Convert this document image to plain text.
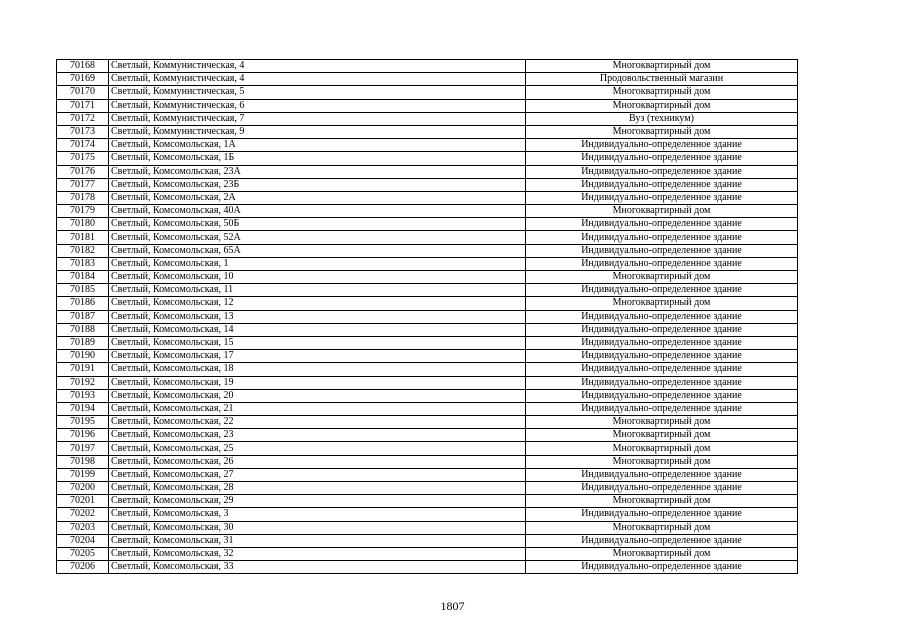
70168	Светлый, Коммунистическая, 4	Многоквартирный дом
70169	Светлый, Коммунистическая, 4	Продовольственный магазин
70170	Светлый, Коммунистическая, 5	Многоквартирный дом
70171	Светлый, Коммунистическая, 6	Многоквартирный дом
70172	Светлый, Коммунистическая, 7	Вуз (техникум)
70173	Светлый, Коммунистическая, 9	Многоквартирный дом
70174	Светлый, Комсомольская, 1А	Индивидуально-определенное здание
70175	Светлый, Комсомольская, 1Б	Индивидуально-определенное здание
70176	Светлый, Комсомольская, 23А	Индивидуально-определенное здание
70177	Светлый, Комсомольская, 23Б	Индивидуально-определенное здание
70178	Светлый, Комсомольская, 2А	Индивидуально-определенное здание
70179	Светлый, Комсомольская, 40А	Многоквартирный дом
70180	Светлый, Комсомольская, 50Б	Индивидуально-определенное здание
70181	Светлый, Комсомольская, 52А	Индивидуально-определенное здание
70182	Светлый, Комсомольская, 65А	Индивидуально-определенное здание
70183	Светлый, Комсомольская, 1	Индивидуально-определенное здание
70184	Светлый, Комсомольская, 10	Многоквартирный дом
70185	Светлый, Комсомольская, 11	Индивидуально-определенное здание
70186	Светлый, Комсомольская, 12	Многоквартирный дом
70187	Светлый, Комсомольская, 13	Индивидуально-определенное здание
70188	Светлый, Комсомольская, 14	Индивидуально-определенное здание
70189	Светлый, Комсомольская, 15	Индивидуально-определенное здание
70190	Светлый, Комсомольская, 17	Индивидуально-определенное здание
70191	Светлый, Комсомольская, 18	Индивидуально-определенное здание
70192	Светлый, Комсомольская, 19	Индивидуально-определенное здание
70193	Светлый, Комсомольская, 20	Индивидуально-определенное здание
70194	Светлый, Комсомольская, 21	Индивидуально-определенное здание
70195	Светлый, Комсомольская, 22	Многоквартирный дом
70196	Светлый, Комсомольская, 23	Многоквартирный дом
70197	Светлый, Комсомольская, 25	Многоквартирный дом
70198	Светлый, Комсомольская, 26	Многоквартирный дом
70199	Светлый, Комсомольская, 27	Индивидуально-определенное здание
70200	Светлый, Комсомольская, 28	Индивидуально-определенное здание
70201	Светлый, Комсомольская, 29	Многоквартирный дом
70202	Светлый, Комсомольская, 3	Индивидуально-определенное здание
70203	Светлый, Комсомольская, 30	Многоквартирный дом
70204	Светлый, Комсомольская, 31	Индивидуально-определенное здание
70205	Светлый, Комсомольская, 32	Многоквартирный дом
70206	Светлый, Комсомольская, 33	Индивидуально-определенное здание
1807
